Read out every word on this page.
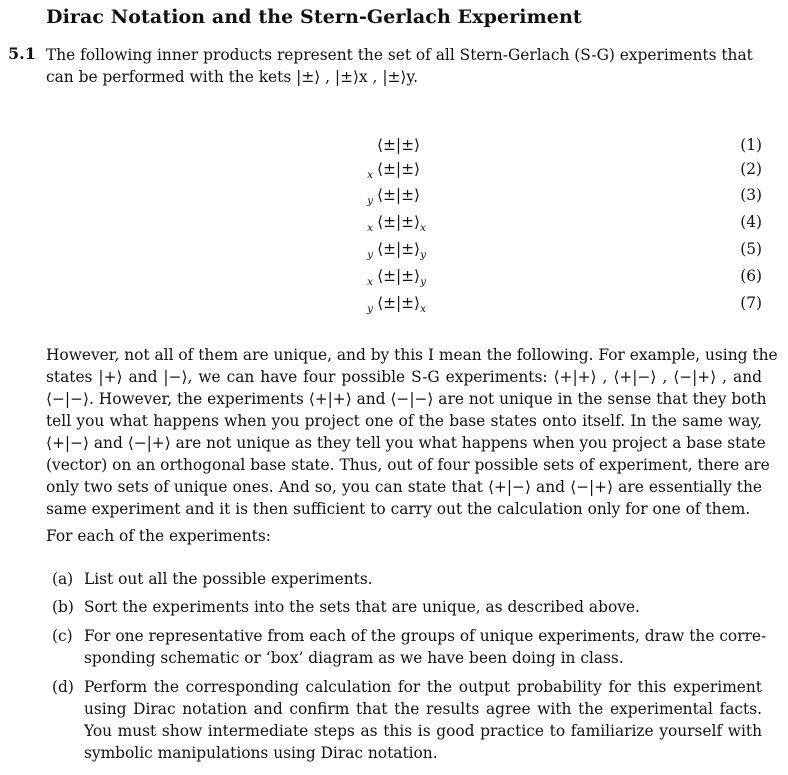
Dirac Notation and the Stern-Gerlach Experiment
5.1 The following inner products represent the set of all Stern-Gerlach (S-G) experiments that
can be performed with the kets |±⟩ , |±⟩x , |±⟩y.
⟨±|±⟩	(1)
$_x$ ⟨±|±⟩	(2)
$_y$ ⟨±|±⟩	(3)
$_x$ $⟨\pm|\pm⟩_x$	(4)
$_y$ $⟨\pm|\pm⟩_y$	(5)
$_x$ $⟨\pm|\pm⟩_y$	(6)
$_y$ $⟨\pm|\pm⟩_x$	(7)
However, not all of them are unique, and by this I mean the following. For example, using the
states |+⟩ and |−⟩, we can have four possible S-G experiments: ⟨+|+⟩ , ⟨+|−⟩ , ⟨−|+⟩ , and
⟨−|−⟩. However, the experiments ⟨+|+⟩ and ⟨−|−⟩ are not unique in the sense that they both
tell you what happens when you project one of the base states onto itself. In the same way,
⟨+|−⟩ and ⟨−|+⟩ are not unique as they tell you what happens when you project a base state
(vector) on an orthogonal base state. Thus, out of four possible sets of experiment, there are
only two sets of unique ones. And so, you can state that ⟨+|−⟩ and ⟨−|+⟩ are essentially the
same experiment and it is then sufficient to carry out the calculation only for one of them.
For each of the experiments:
(a) List out all the possible experiments.
(b) Sort the experiments into the sets that are unique, as described above.
(c) For one representative from each of the groups of unique experiments, draw the corre-
sponding schematic or ‘box’ diagram as we have been doing in class.
(d) Perform the corresponding calculation for the output probability for this experiment
using Dirac notation and confirm that the results agree with the experimental facts.
You must show intermediate steps as this is good practice to familiarize yourself with
symbolic manipulations using Dirac notation.
